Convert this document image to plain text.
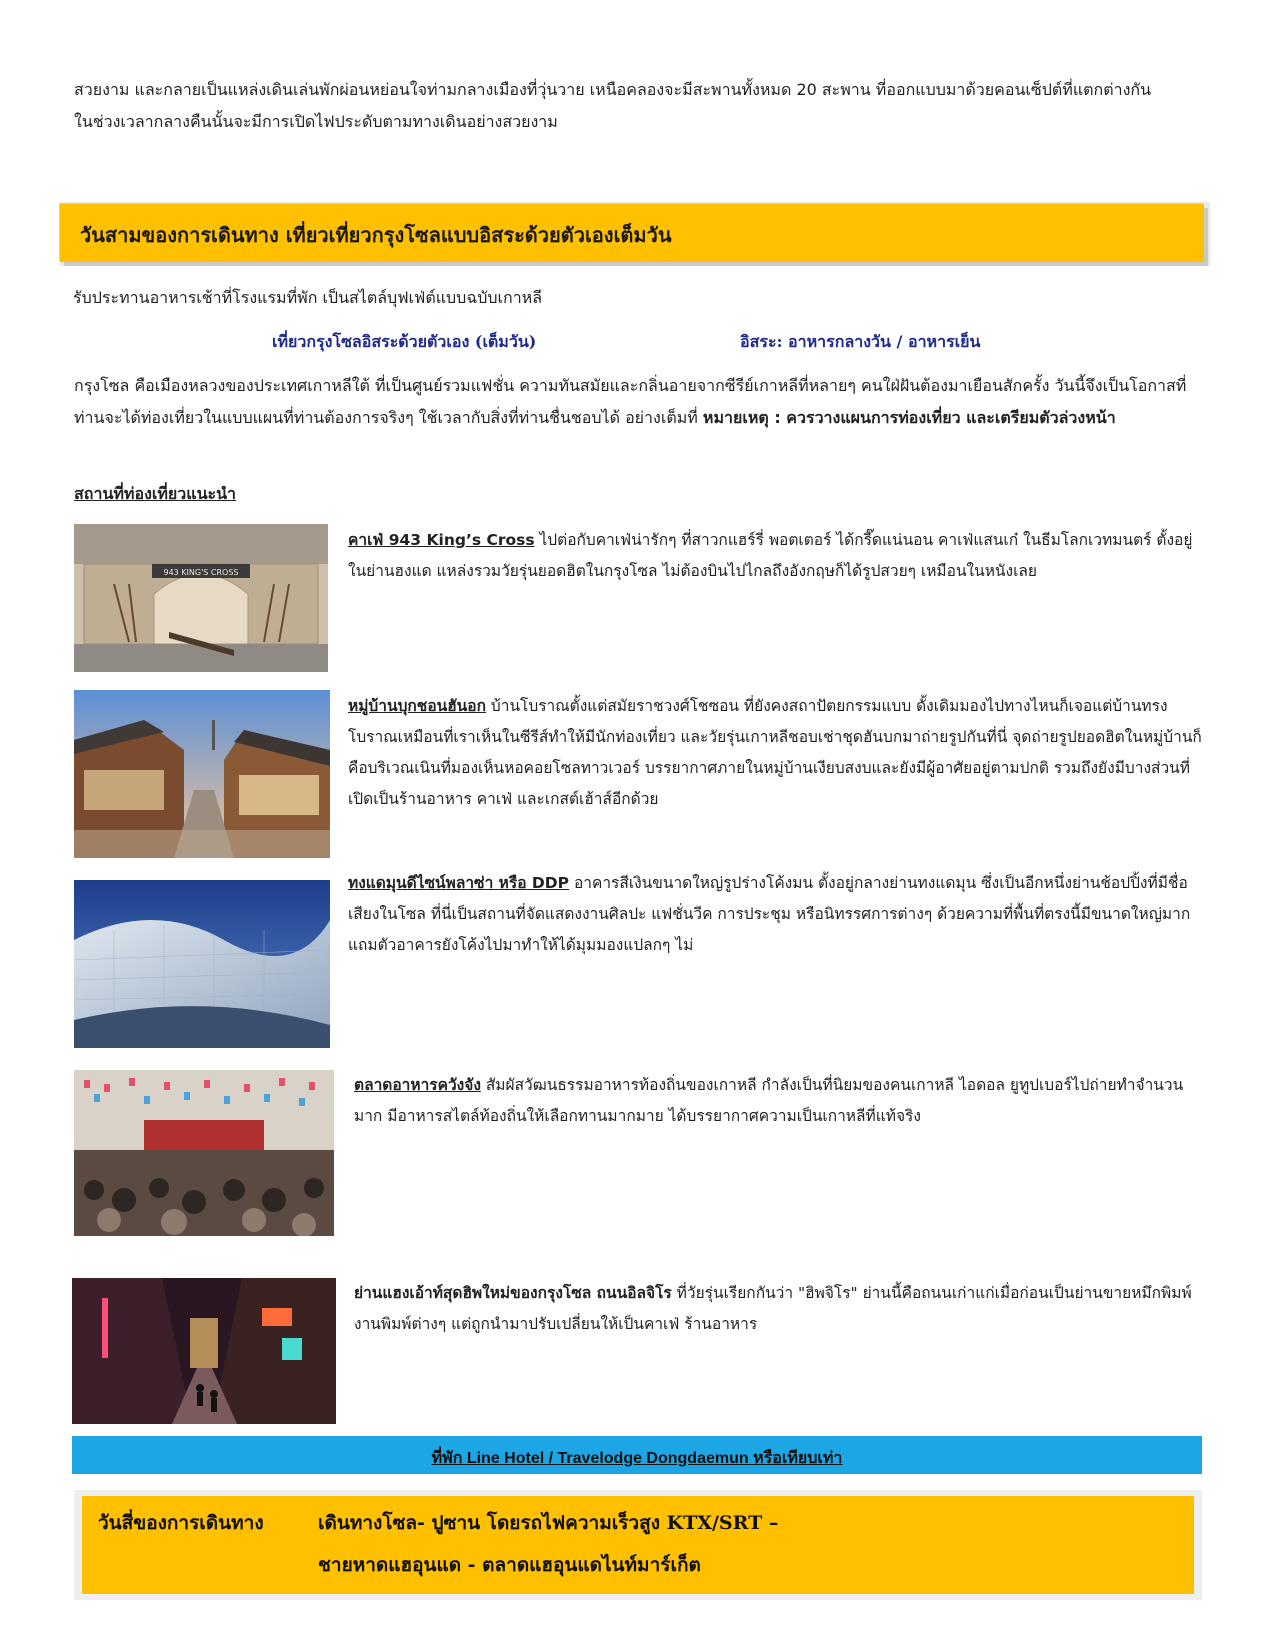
สวยงาม และกลายเป็นแหล่งเดินเล่นพักผ่อนหย่อนใจท่ามกลางเมืองที่วุ่นวาย เหนือคลองจะมีสะพานทั้งหมด 20 สะพาน ที่ออกแบบมาด้วยคอนเซ็ปต์ที่แตกต่างกัน
ในช่วงเวลากลางคืนนั้นจะมีการเปิดไฟประดับตามทางเดินอย่างสวยงาม
วันสามของการเดินทาง เที่ยวเที่ยวกรุงโซลแบบอิสระด้วยตัวเองเต็มวัน
รับประทานอาหารเช้าที่โรงแรมที่พัก เป็นสไตล์บุฟเฟ่ต์แบบฉบับเกาหลี
เที่ยวกรุงโซลอิสระด้วยตัวเอง (เต็มวัน)	อิสระ: อาหารกลางวัน / อาหารเย็น
กรุงโซล คือเมืองหลวงของประเทศเกาหลีใต้ ที่เป็นศูนย์รวมแฟชั่น ความทันสมัยและกลิ่นอายจากซีรีย์เกาหลีที่หลายๆ คนใฝ่ฝันต้องมาเยือนสักครั้ง วันนี้จึงเป็นโอกาสที่ท่านจะได้ท่องเที่ยวในแบบแผนที่ท่านต้องการจริงๆ ใช้เวลากับสิ่งที่ท่านชื่นชอบได้ อย่างเต็มที่ หมายเหตุ : ควรวางแผนการท่องเที่ยว และเตรียมตัวล่วงหน้า
สถานที่ท่องเที่ยวแนะนำ
943 KING'S CROSS
คาเฟ่ 943 King’s Cross ไปต่อกับคาเฟ่น่ารักๆ ที่สาวกแฮร์รี่ พอตเตอร์ ได้กรี๊ดแน่นอน คาเฟ่แสนเก๋ ในธีมโลกเวทมนตร์ ตั้งอยู่ในย่านฮงแด แหล่งรวมวัยรุ่นยอดฮิตในกรุงโซล ไม่ต้องบินไปไกลถึงอังกฤษก็ได้รูปสวยๆ เหมือนในหนังเลย
หมู่บ้านบุกชอนฮันอก บ้านโบราณตั้งแต่สมัยราชวงศ์โชซอน ที่ยังคงสถาปัตยกรรมแบบ ดั้งเดิมมองไปทางไหนก็เจอแต่บ้านทรงโบราณเหมือนที่เราเห็นในซีรีส์ทำให้มีนักท่องเที่ยว และวัยรุ่นเกาหลีชอบเช่าชุดฮันบกมาถ่ายรูปกันที่นี่ จุดถ่ายรูปยอดฮิตในหมู่บ้านก็คือบริเวณเนินที่มองเห็นหอคอยโซลทาวเวอร์ บรรยากาศภายในหมู่บ้านเงียบสงบและยังมีผู้อาศัยอยู่ตามปกติ รวมถึงยังมีบางส่วนที่เปิดเป็นร้านอาหาร คาเฟ่ และเกสต์เฮ้าส์อีกด้วย
ทงแดมุนดีไซน์พลาซ่า หรือ DDP อาคารสีเงินขนาดใหญ่รูปร่างโค้งมน ตั้งอยู่กลางย่านทงแดมุน ซึ่งเป็นอีกหนึ่งย่านช้อปปิ้งที่มีชื่อเสียงในโซล ที่นี่เป็นสถานที่จัดแสดงงานศิลปะ แฟชั่นวีค การประชุม หรือนิทรรศการต่างๆ ด้วยความที่พื้นที่ตรงนี้มีขนาดใหญ่มาก แถมตัวอาคารยังโค้งไปมาทำให้ได้มุมมองแปลกๆ ไม่
ตลาดอาหารควังจัง สัมผัสวัฒนธรรมอาหารท้องถิ่นของเกาหลี กำลังเป็นที่นิยมของคนเกาหลี ไอดอล ยูทูปเบอร์ไปถ่ายทำจำนวนมาก มีอาหารสไตล์ท้องถิ่นให้เลือกทานมากมาย ได้บรรยากาศความเป็นเกาหลีที่แท้จริง
ย่านแฮงเอ้าท์สุดฮิพใหม่ของกรุงโซล ถนนอิลจิโร ที่วัยรุ่นเรียกกันว่า "ฮิพจิโร" ย่านนี้คือถนนเก่าแก่เมื่อก่อนเป็นย่านขายหมึกพิมพ์ งานพิมพ์ต่างๆ แต่ถูกนำมาปรับเปลี่ยนให้เป็นคาเฟ่ ร้านอาหาร
ที่พัก Line Hotel / Travelodge Dongdaemun หรือเทียบเท่า
วันสี่ของการเดินทาง	เดินทางโซล- ปูซาน โดยรถไฟความเร็วสูง KTX/SRT –
ชายหาดแฮอุนแด - ตลาดแฮอุนแดไนท์มาร์เก็ต
